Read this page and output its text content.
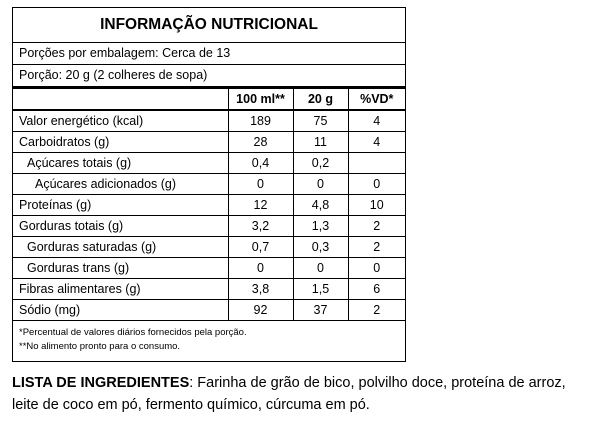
INFORMAÇÃO NUTRICIONAL
Porções por embalagem: Cerca de 13
Porção: 20 g (2 colheres de sopa)
	100 ml**	20 g	%VD*
Valor energético (kcal)	189	75	4
Carboidratos (g)	28	11	4
Açúcares totais (g)	0,4	0,2	
Açúcares adicionados (g)	0	0	0
Proteínas (g)	12	4,8	10
Gorduras totais (g)	3,2	1,3	2
Gorduras saturadas (g)	0,7	0,3	2
Gorduras trans (g)	0	0	0
Fibras alimentares (g)	3,8	1,5	6
Sódio (mg)	92	37	2
*Percentual de valores diários fornecidos pela porção.
**No alimento pronto para o consumo.
LISTA DE INGREDIENTES: Farinha de grão de bico, polvilho doce, proteína de arroz, leite de coco em pó, fermento químico, cúrcuma em pó.
